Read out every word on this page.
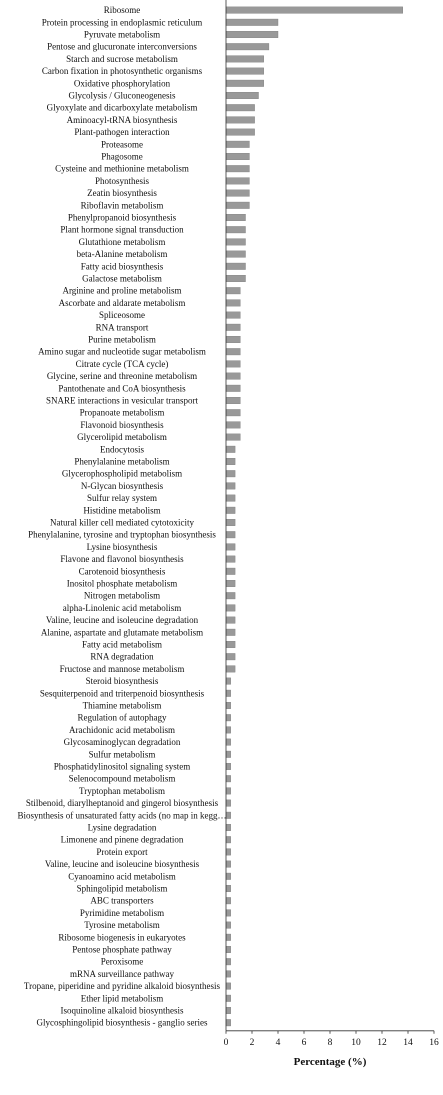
Ribosome
Protein processing in endoplasmic reticulum
Pyruvate metabolism
Pentose and glucuronate interconversions
Starch and sucrose metabolism
Carbon fixation in photosynthetic organisms
Oxidative phosphorylation
Glycolysis / Gluconeogenesis
Glyoxylate and dicarboxylate metabolism
Aminoacyl-tRNA biosynthesis
Plant-pathogen interaction
Proteasome
Phagosome
Cysteine and methionine metabolism
Photosynthesis
Zeatin biosynthesis
Riboflavin metabolism
Phenylpropanoid biosynthesis
Plant hormone signal transduction
Glutathione metabolism
beta-Alanine metabolism
Fatty acid biosynthesis
Galactose metabolism
Arginine and proline metabolism
Ascorbate and aldarate metabolism
Spliceosome
RNA transport
Purine metabolism
Amino sugar and nucleotide sugar metabolism
Citrate cycle (TCA cycle)
Glycine, serine and threonine metabolism
Pantothenate and CoA biosynthesis
SNARE interactions in vesicular transport
Propanoate metabolism
Flavonoid biosynthesis
Glycerolipid metabolism
Endocytosis
Phenylalanine metabolism
Glycerophospholipid metabolism
N-Glycan biosynthesis
Sulfur relay system
Histidine metabolism
Natural killer cell mediated cytotoxicity
Phenylalanine, tyrosine and tryptophan biosynthesis
Lysine biosynthesis
Flavone and flavonol biosynthesis
Carotenoid biosynthesis
Inositol phosphate metabolism
Nitrogen metabolism
alpha-Linolenic acid metabolism
Valine, leucine and isoleucine degradation
Alanine, aspartate and glutamate metabolism
Fatty acid metabolism
RNA degradation
Fructose and mannose metabolism
Steroid biosynthesis
Sesquiterpenoid and triterpenoid biosynthesis
Thiamine metabolism
Regulation of autophagy
Arachidonic acid metabolism
Glycosaminoglycan degradation
Sulfur metabolism
Phosphatidylinositol signaling system
Selenocompound metabolism
Tryptophan metabolism
Stilbenoid, diarylheptanoid and gingerol biosynthesis
Biosynthesis of unsaturated fatty acids (no map in kegg…
Lysine degradation
Limonene and pinene degradation
Protein export
Valine, leucine and isoleucine biosynthesis
Cyanoamino acid metabolism
Sphingolipid metabolism
ABC transporters
Pyrimidine metabolism
Tyrosine metabolism
Ribosome biogenesis in eukaryotes
Pentose phosphate pathway
Peroxisome
mRNA surveillance pathway
Tropane, piperidine and pyridine alkaloid biosynthesis
Ether lipid metabolism
Isoquinoline alkaloid biosynthesis
Glycosphingolipid biosynthesis - ganglio series
0 2 4 6 8 10 12 14 16
Percentage (%)
